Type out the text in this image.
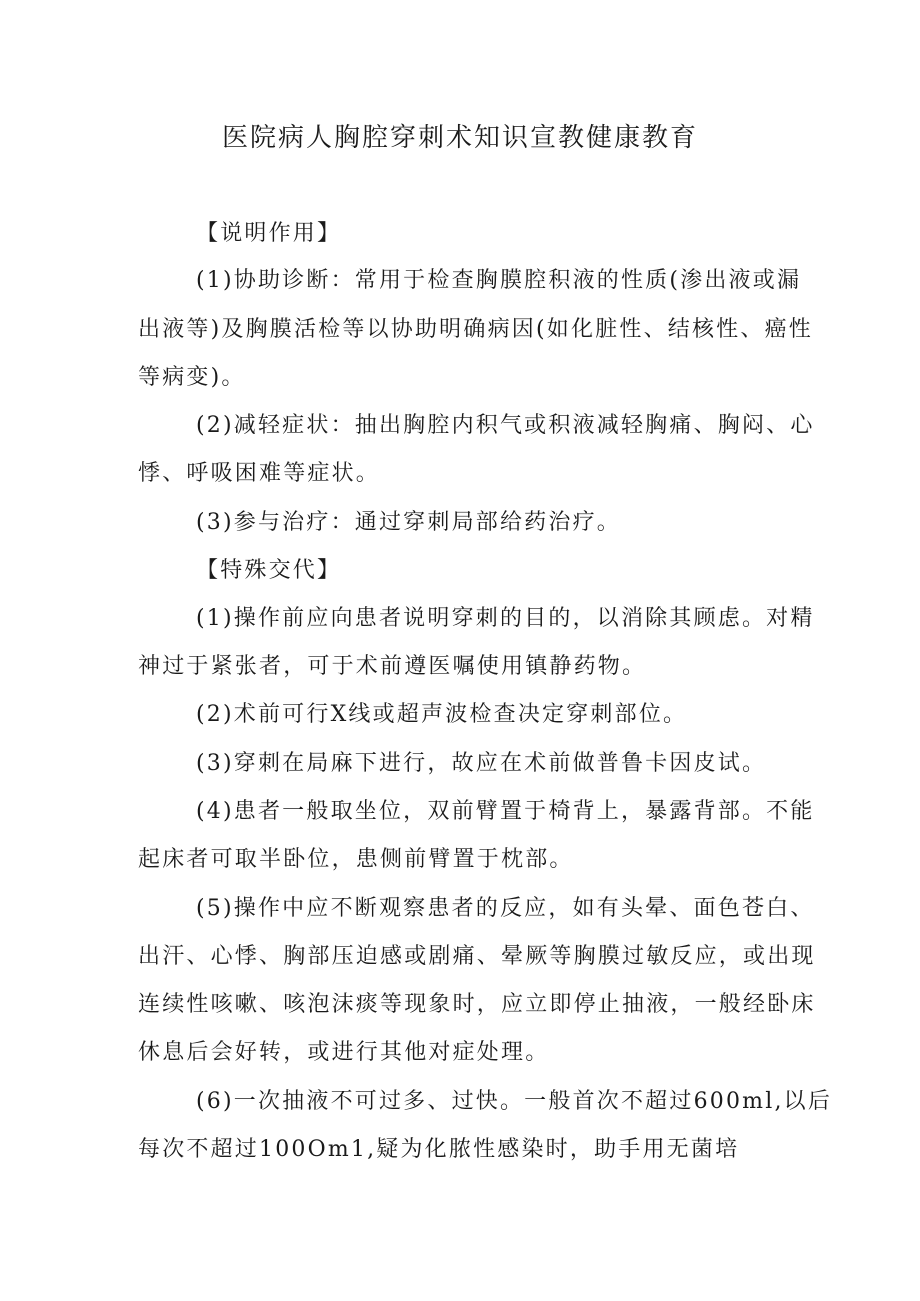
医院病人胸腔穿刺术知识宣教健康教育

【说明作用】

(1)协助诊断：常用于检查胸膜腔积液的性质(渗出液或漏

出液等)及胸膜活检等以协助明确病因(如化脏性、结核性、癌性

等病变)。

(2)减轻症状：抽出胸腔内积气或积液减轻胸痛、胸闷、心

悸、呼吸困难等症状。

(3)参与治疗：通过穿刺局部给药治疗。

【特殊交代】

(1)操作前应向患者说明穿刺的目的，以消除其顾虑。对精

神过于紧张者，可于术前遵医嘱使用镇静药物。

(2)术前可行X线或超声波检查决定穿刺部位。

(3)穿刺在局麻下进行，故应在术前做普鲁卡因皮试。

(4)患者一般取坐位，双前臂置于椅背上，暴露背部。不能

起床者可取半卧位，患侧前臂置于枕部。

(5)操作中应不断观察患者的反应，如有头晕、面色苍白、

出汗、心悸、胸部压迫感或剧痛、晕厥等胸膜过敏反应，或出现

连续性咳嗽、咳泡沫痰等现象时，应立即停止抽液，一般经卧床

休息后会好转，或进行其他对症处理。

(6)一次抽液不可过多、过快。一般首次不超过600ml,以后

每次不超过100Om1,疑为化脓性感染时，助手用无菌培
